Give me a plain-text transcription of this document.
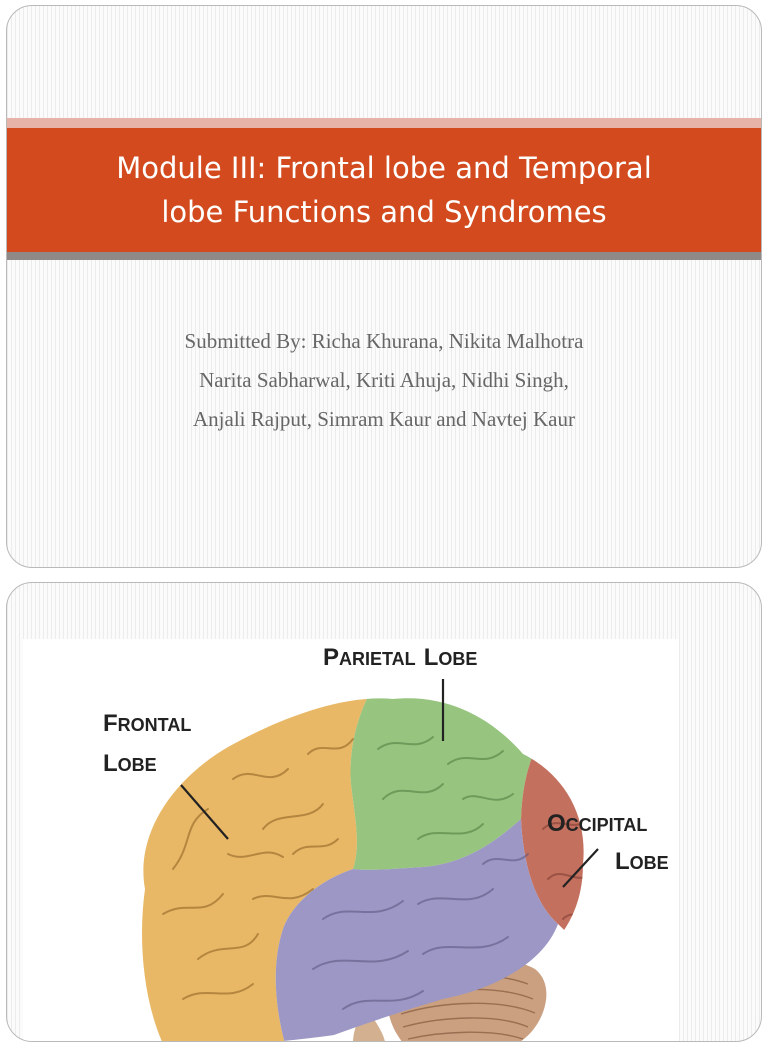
Module III: Frontal lobe and Temporal
lobe Functions and Syndromes
Submitted By: Richa Khurana, Nikita Malhotra
Narita Sabharwal, Kriti Ahuja, Nidhi Singh,
Anjali Rajput, Simram Kaur and Navtej Kaur
PARIETAL LOBE
FRONTAL
LOBE
OCCIPITAL
LOBE
